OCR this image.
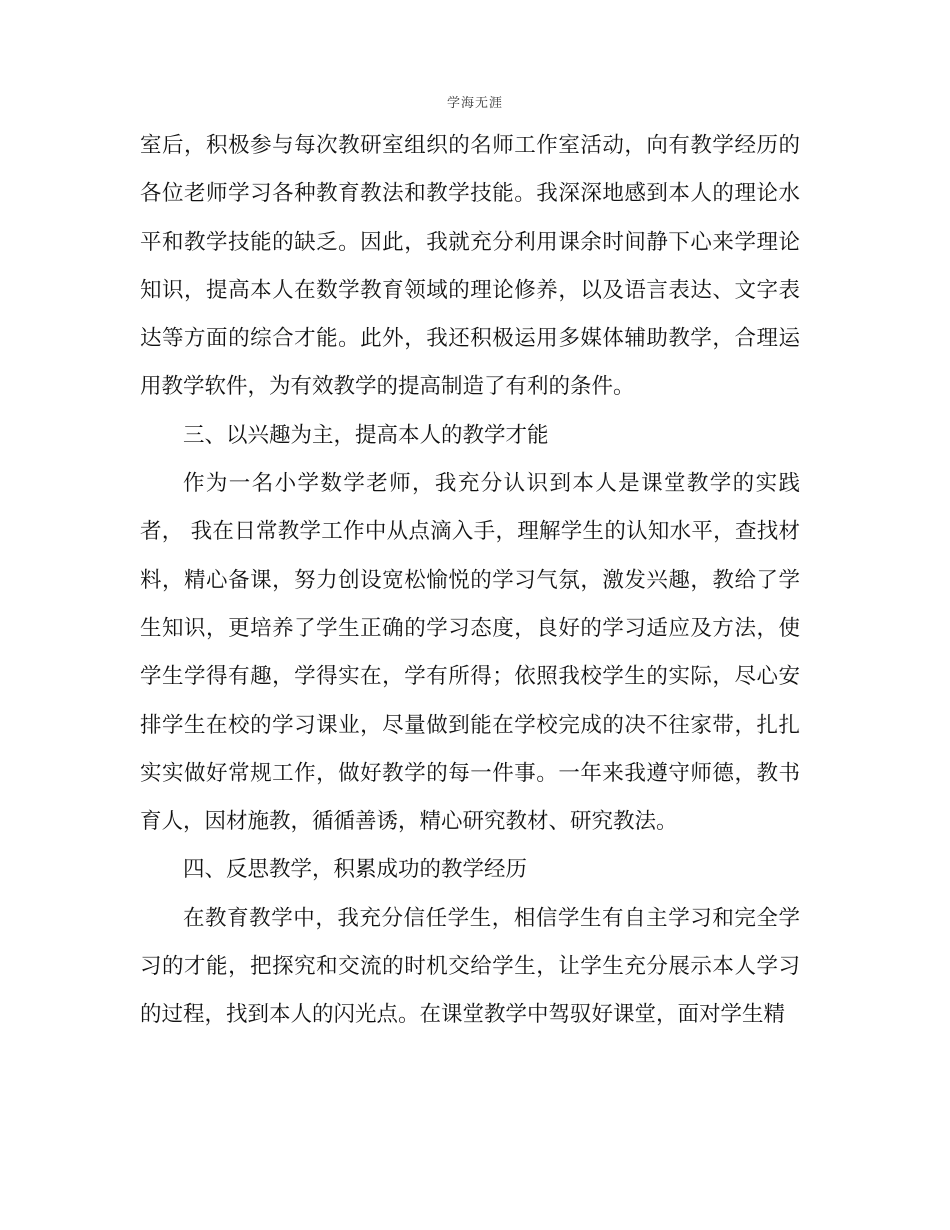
学海无涯

室后，积极参与每次教研室组织的名师工作室活动，向有教学经历的各位老师学习各种教育教法和教学技能。我深深地感到本人的理论水平和教学技能的缺乏。因此，我就充分利用课余时间静下心来学理论知识，提高本人在数学教育领域的理论修养，以及语言表达、文字表达等方面的综合才能。此外，我还积极运用多媒体辅助教学，合理运用教学软件，为有效教学的提高制造了有利的条件。

三、以兴趣为主，提高本人的教学才能

作为一名小学数学老师，我充分认识到本人是课堂教学的实践者， 我在日常教学工作中从点滴入手，理解学生的认知水平，查找材料，精心备课，努力创设宽松愉悦的学习气氛，激发兴趣，教给了学生知识，更培养了学生正确的学习态度，良好的学习适应及方法，使学生学得有趣，学得实在，学有所得；依照我校学生的实际，尽心安排学生在校的学习课业，尽量做到能在学校完成的决不往家带，扎扎实实做好常规工作，做好教学的每一件事。一年来我遵守师德，教书育人，因材施教，循循善诱，精心研究教材、研究教法。

四、反思教学，积累成功的教学经历

在教育教学中，我充分信任学生，相信学生有自主学习和完全学习的才能，把探究和交流的时机交给学生，让学生充分展示本人学习的过程，找到本人的闪光点。在课堂教学中驾驭好课堂，面对学生精
